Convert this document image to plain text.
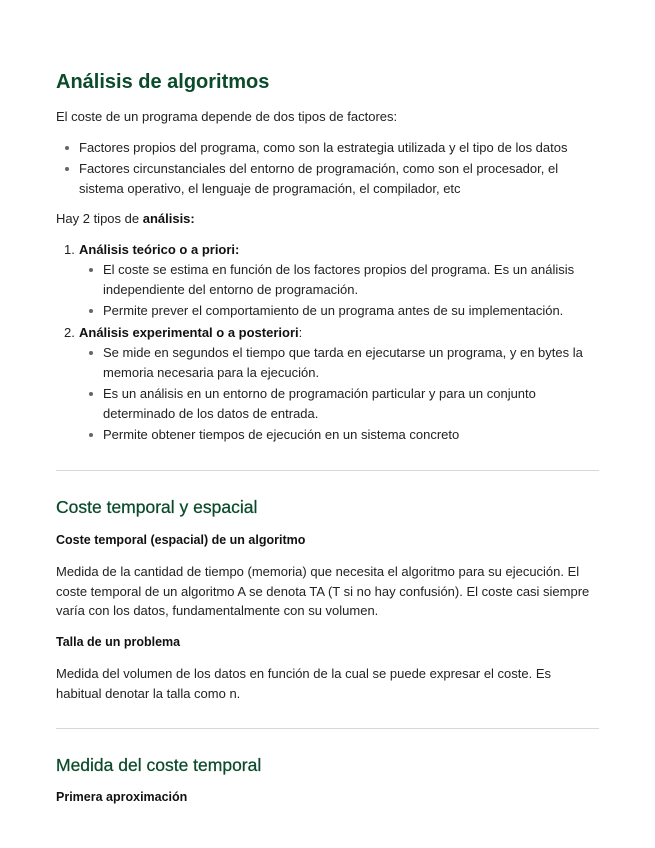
Análisis de algoritmos

El coste de un programa depende de dos tipos de factores:

Factores propios del programa, como son la estrategia utilizada y el tipo de los datos
Factores circunstanciales del entorno de programación, como son el procesador, el sistema operativo, el lenguaje de programación, el compilador, etc

Hay 2 tipos de análisis:

1. Análisis teórico o a priori:
El coste se estima en función de los factores propios del programa. Es un análisis independiente del entorno de programación.
Permite prever el comportamiento de un programa antes de su implementación.
2. Análisis experimental o a posteriori:
Se mide en segundos el tiempo que tarda en ejecutarse un programa, y en bytes la memoria necesaria para la ejecución.
Es un análisis en un entorno de programación particular y para un conjunto determinado de los datos de entrada.
Permite obtener tiempos de ejecución en un sistema concreto
Coste temporal y espacial

Coste temporal (espacial) de un algoritmo

Medida de la cantidad de tiempo (memoria) que necesita el algoritmo para su ejecución. El coste temporal de un algoritmo A se denota TA (T si no hay confusión). El coste casi siempre varía con los datos, fundamentalmente con su volumen.

Talla de un problema

Medida del volumen de los datos en función de la cual se puede expresar el coste. Es habitual denotar la talla como n.

Medida del coste temporal

Primera aproximación
